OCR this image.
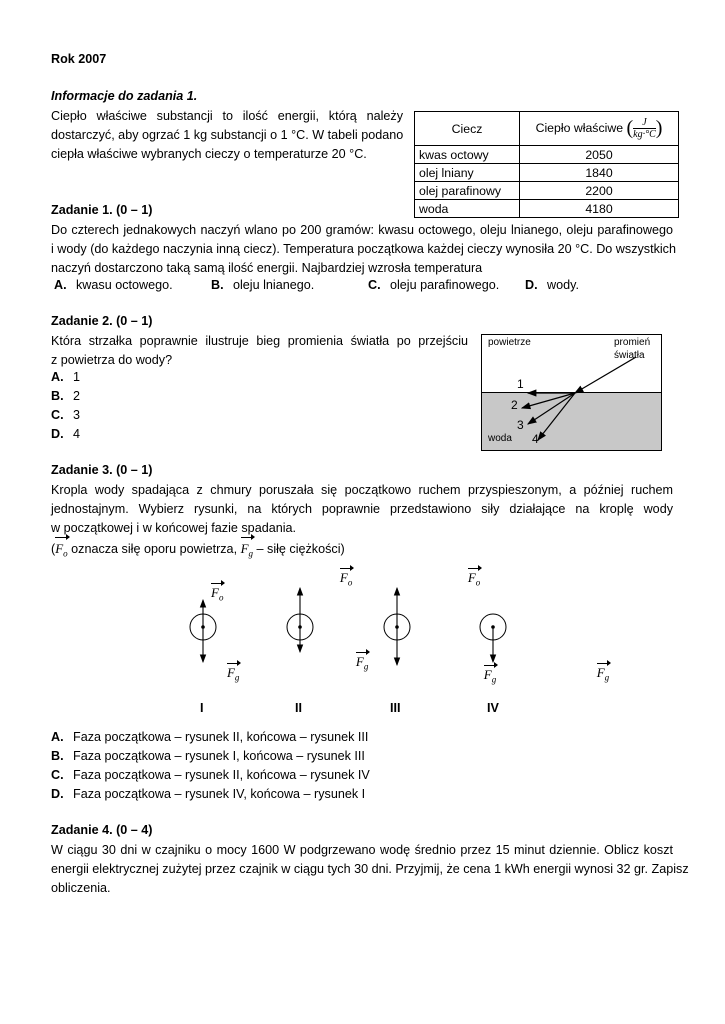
Rok 2007
Informacje do zadania 1.
Ciepło właściwe substancji to ilość energii, którą należy
dostarczyć, aby ogrzać 1 kg substancji o 1 °C. W tabeli podano
ciepła właściwe wybranych cieczy o temperaturze 20 °C.
Ciecz	Ciepło właściwe ( $\frac{J}{kg\cdot^\circ C}$ )
kwas octowy	2050
olej lniany	1840
olej parafinowy	2200
woda	4180
Zadanie 1. (0 – 1)
Do czterech jednakowych naczyń wlano po 200 gramów: kwasu octowego, oleju lnianego, oleju parafinowego
i wody (do każdego naczynia inną ciecz). Temperatura początkowa każdej cieczy wynosiła 20 °C. Do wszystkich
naczyń dostarczono taką samą ilość energii. Najbardziej wzrosła temperatura
A. kwasu octowego.	B. oleju lnianego.	C. oleju parafinowego. D. wody.
Zadanie 2. (0 – 1)
Która strzałka poprawnie ilustruje bieg promienia światła po przejściu
z powietrza do wody?
A. 1
B. 2
C. 3
D. 4
powietrze	promień
światła
woda
1
2
3
4
Zadanie 3. (0 – 1)
Kropla wody spadająca z chmury poruszała się początkowo ruchem przyspieszonym, a później ruchem
jednostajnym. Wybierz rysunki, na których poprawnie przedstawiono siły działające na kroplę wody
w początkowej i w końcowej fazie spadania.
($F_o$ oznacza siłę oporu powietrza, $F_g$ – siłę ciężkości)
$F_o$ $F_g$ $F_o$ $F_g$ $F_o$ $F_g$	$F_g$
I	II	III	IV
A. Faza początkowa – rysunek II, końcowa – rysunek III
B. Faza początkowa – rysunek I, końcowa – rysunek III
C. Faza początkowa – rysunek II, końcowa – rysunek IV
D. Faza początkowa – rysunek IV, końcowa – rysunek I
Zadanie 4. (0 – 4)
W ciągu 30 dni w czajniku o mocy 1600 W podgrzewano wodę średnio przez 15 minut dziennie. Oblicz koszt
energii elektrycznej zużytej przez czajnik w ciągu tych 30 dni. Przyjmij, że cena 1 kWh energii wynosi 32 gr. Zapisz
obliczenia.
